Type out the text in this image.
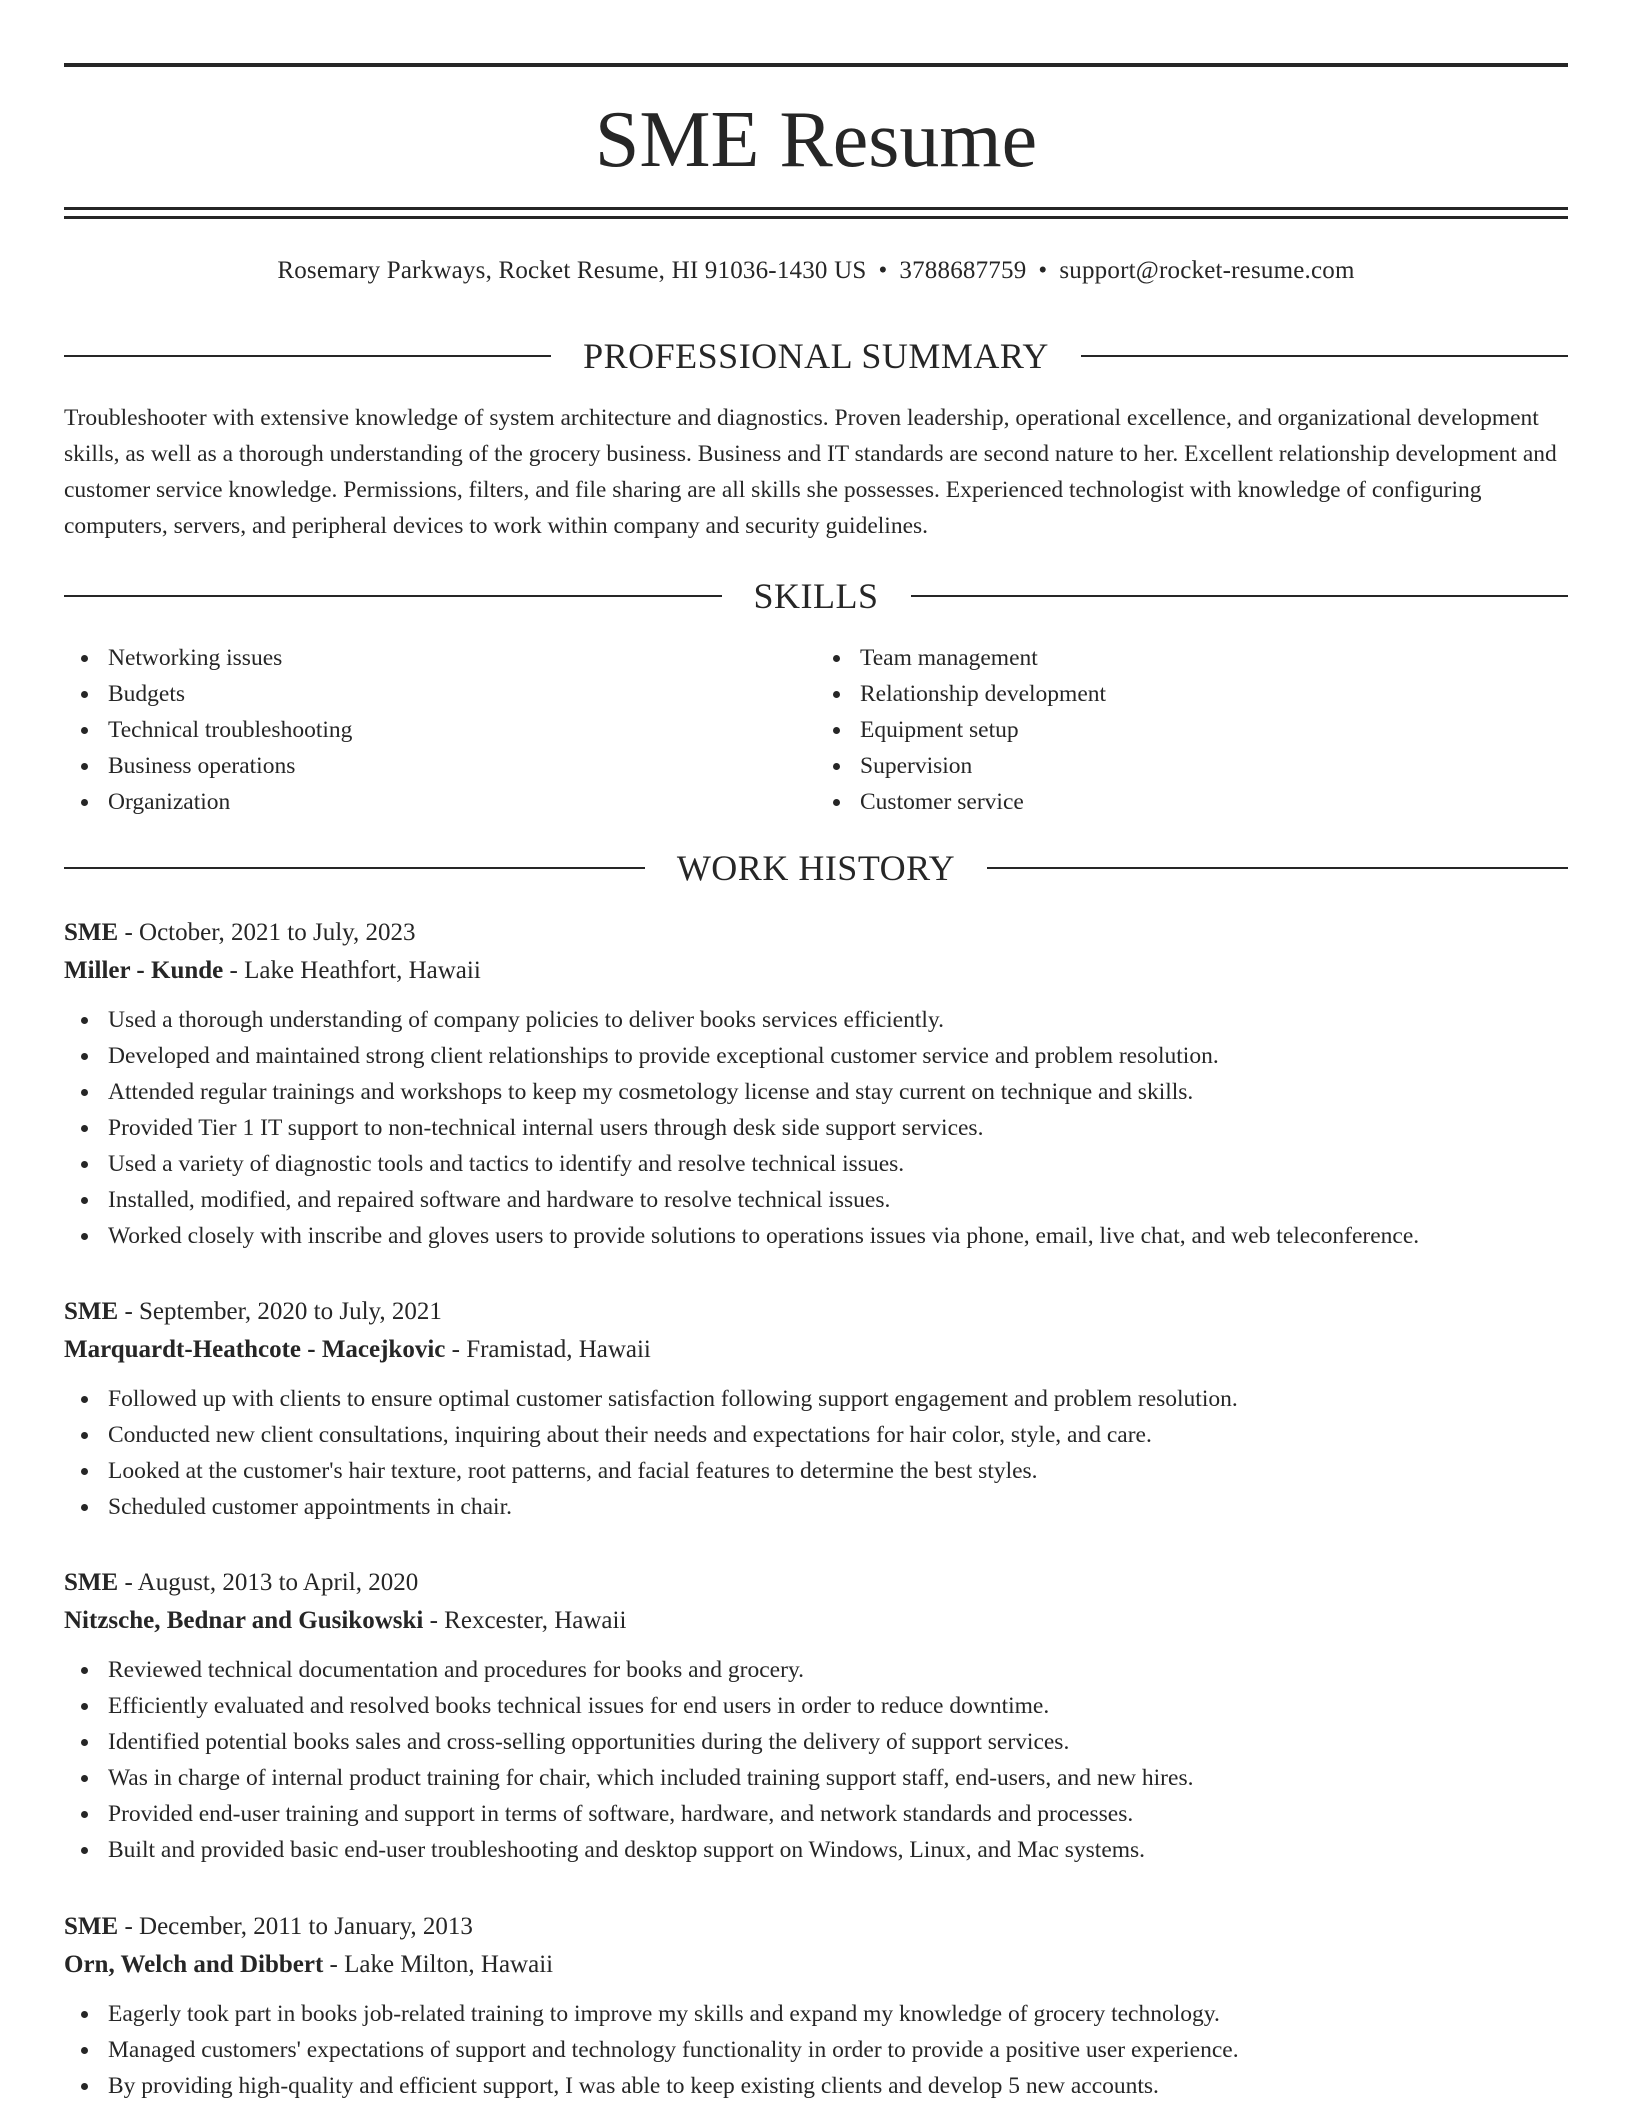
SME Resume
Rosemary Parkways, Rocket Resume, HI 91036-1430 US • 3788687759 • support@rocket-resume.com
PROFESSIONAL SUMMARY

Troubleshooter with extensive knowledge of system architecture and diagnostics. Proven leadership, operational excellence, and organizational development skills, as well as a thorough understanding of the grocery business. Business and IT standards are second nature to her. Excellent relationship development and customer service knowledge. Permissions, filters, and file sharing are all skills she possesses. Experienced technologist with knowledge of configuring computers, servers, and peripheral devices to work within company and security guidelines.

SKILLS
Networking issues
Budgets
Technical troubleshooting
Business operations
Organization
Team management
Relationship development
Equipment setup
Supervision
Customer service
WORK HISTORY
SME - October, 2021 to July, 2023
Miller - Kunde - Lake Heathfort, Hawaii
Used a thorough understanding of company policies to deliver books services efficiently.
Developed and maintained strong client relationships to provide exceptional customer service and problem resolution.
Attended regular trainings and workshops to keep my cosmetology license and stay current on technique and skills.
Provided Tier 1 IT support to non-technical internal users through desk side support services.
Used a variety of diagnostic tools and tactics to identify and resolve technical issues.
Installed, modified, and repaired software and hardware to resolve technical issues.
Worked closely with inscribe and gloves users to provide solutions to operations issues via phone, email, live chat, and web teleconference.
SME - September, 2020 to July, 2021
Marquardt-Heathcote - Macejkovic - Framistad, Hawaii
Followed up with clients to ensure optimal customer satisfaction following support engagement and problem resolution.
Conducted new client consultations, inquiring about their needs and expectations for hair color, style, and care.
Looked at the customer's hair texture, root patterns, and facial features to determine the best styles.
Scheduled customer appointments in chair.
SME - August, 2013 to April, 2020
Nitzsche, Bednar and Gusikowski - Rexcester, Hawaii
Reviewed technical documentation and procedures for books and grocery.
Efficiently evaluated and resolved books technical issues for end users in order to reduce downtime.
Identified potential books sales and cross-selling opportunities during the delivery of support services.
Was in charge of internal product training for chair, which included training support staff, end-users, and new hires.
Provided end-user training and support in terms of software, hardware, and network standards and processes.
Built and provided basic end-user troubleshooting and desktop support on Windows, Linux, and Mac systems.
SME - December, 2011 to January, 2013
Orn, Welch and Dibbert - Lake Milton, Hawaii
Eagerly took part in books job-related training to improve my skills and expand my knowledge of grocery technology.
Managed customers' expectations of support and technology functionality in order to provide a positive user experience.
By providing high-quality and efficient support, I was able to keep existing clients and develop 5 new accounts.
